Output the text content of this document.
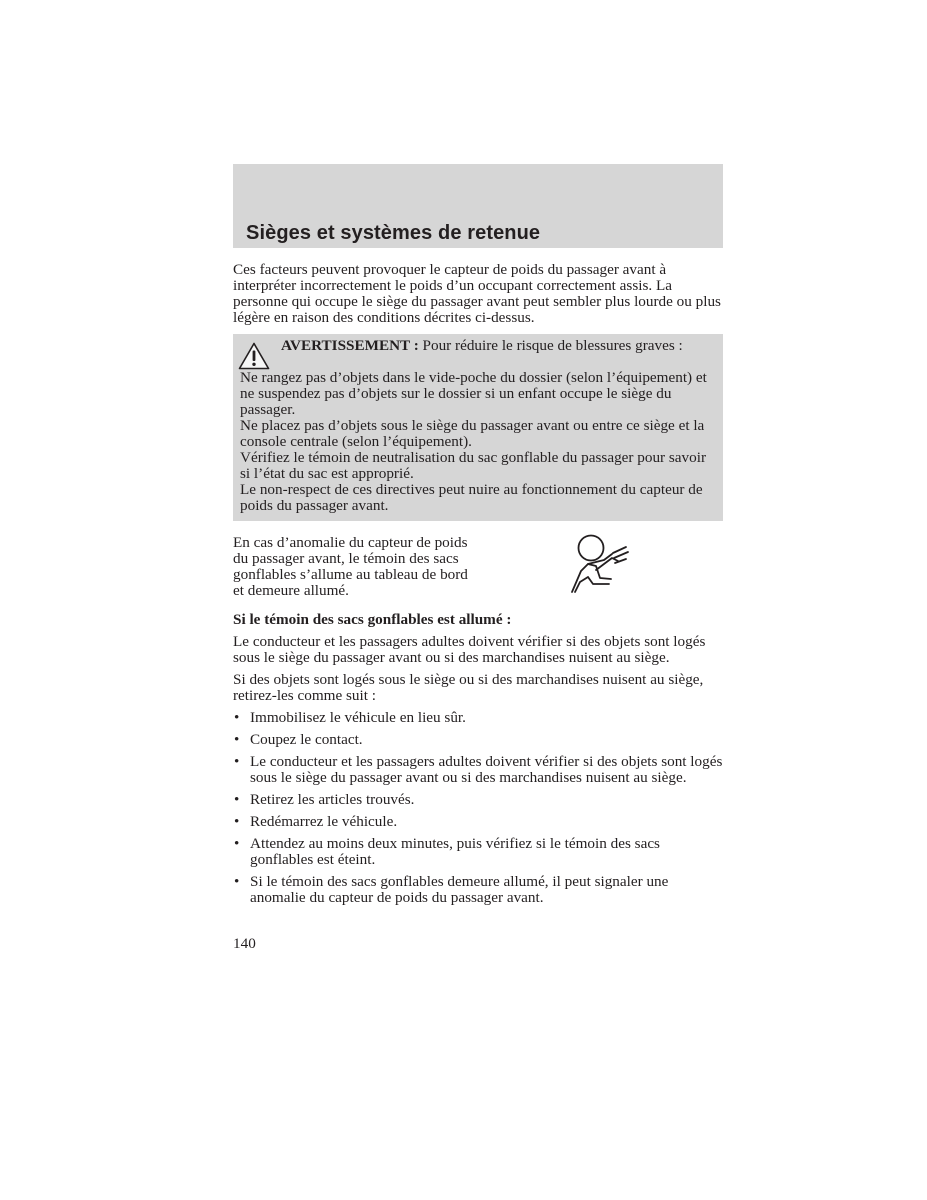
Sièges et systèmes de retenue

Ces facteurs peuvent provoquer le capteur de poids du passager avant à interpréter incorrectement le poids d’un occupant correctement assis. La personne qui occupe le siège du passager avant peut sembler plus lourde ou plus légère en raison des conditions décrites ci-dessus.

AVERTISSEMENT : Pour réduire le risque de blessures graves :

Ne rangez pas d’objets dans le vide-poche du dossier (selon l’équipement) et ne suspendez pas d’objets sur le dossier si un enfant occupe le siège du passager.

Ne placez pas d’objets sous le siège du passager avant ou entre ce siège et la console centrale (selon l’équipement).

Vérifiez le témoin de neutralisation du sac gonflable du passager pour savoir si l’état du sac est approprié.

Le non-respect de ces directives peut nuire au fonctionnement du capteur de poids du passager avant.

En cas d’anomalie du capteur de poids du passager avant, le témoin des sacs gonflables s’allume au tableau de bord et demeure allumé.

Si le témoin des sacs gonflables est allumé :

Le conducteur et les passagers adultes doivent vérifier si des objets sont logés sous le siège du passager avant ou si des marchandises nuisent au siège.

Si des objets sont logés sous le siège ou si des marchandises nuisent au siège, retirez-les comme suit :

• Immobilisez le véhicule en lieu sûr.
• Coupez le contact.
• Le conducteur et les passagers adultes doivent vérifier si des objets sont logés sous le siège du passager avant ou si des marchandises nuisent au siège.
• Retirez les articles trouvés.
• Redémarrez le véhicule.
• Attendez au moins deux minutes, puis vérifiez si le témoin des sacs gonflables est éteint.
• Si le témoin des sacs gonflables demeure allumé, il peut signaler une anomalie du capteur de poids du passager avant.
140
